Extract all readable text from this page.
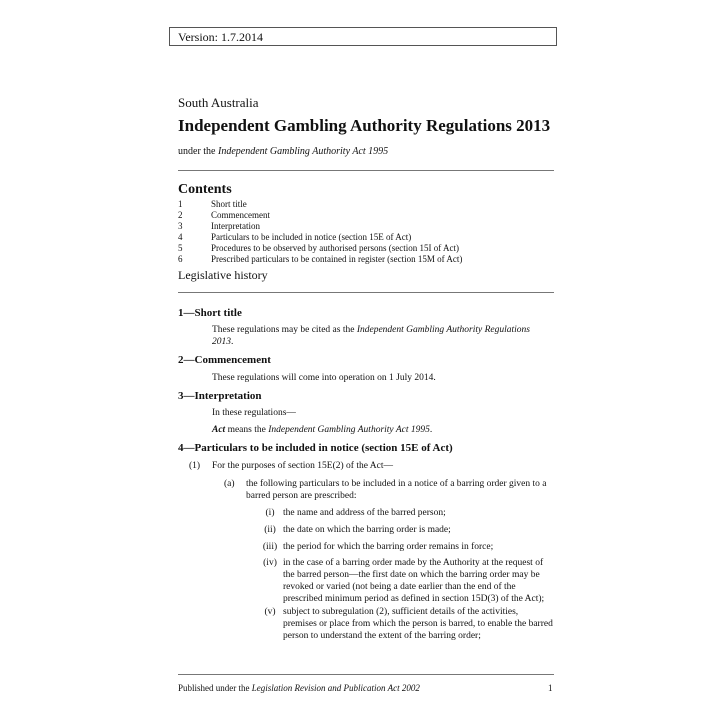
Version: 1.7.2014
South Australia
Independent Gambling Authority Regulations 2013
under the Independent Gambling Authority Act 1995
Contents
1	Short title
2	Commencement
3	Interpretation
4	Particulars to be included in notice (section 15E of Act)
5	Procedures to be observed by authorised persons (section 15I of Act)
6	Prescribed particulars to be contained in register (section 15M of Act)
Legislative history
1—Short title
These regulations may be cited as the Independent Gambling Authority Regulations 2013.
2—Commencement
These regulations will come into operation on 1 July 2014.
3—Interpretation
In these regulations—
Act means the Independent Gambling Authority Act 1995.
4—Particulars to be included in notice (section 15E of Act)
(1) For the purposes of section 15E(2) of the Act—
(a) the following particulars to be included in a notice of a barring order given to a barred person are prescribed:
(i) the name and address of the barred person;
(ii) the date on which the barring order is made;
(iii) the period for which the barring order remains in force;
(iv) in the case of a barring order made by the Authority at the request of the barred person—the first date on which the barring order may be revoked or varied (not being a date earlier than the end of the prescribed minimum period as defined in section 15D(3) of the Act);
(v) subject to subregulation (2), sufficient details of the activities, premises or place from which the person is barred, to enable the barred person to understand the extent of the barring order;
Published under the Legislation Revision and Publication Act 2002	1
